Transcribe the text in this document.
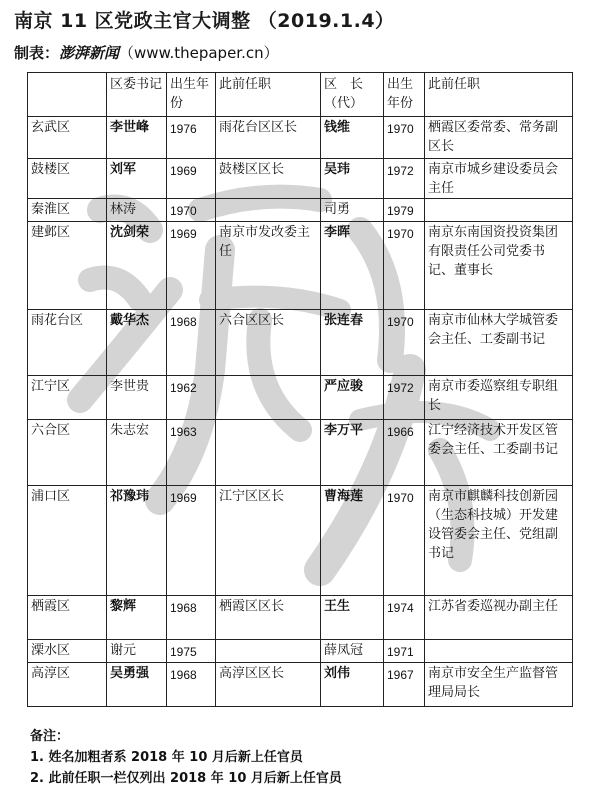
南京 11 区党政主官大调整 （2019.1.4）
制表：澎湃新闻（www.thepaper.cn）
	区委书记	出生年份	此前任职	区　长（代）	出生年份	此前任职
玄武区	李世峰	1976	雨花台区区长	钱维	1970	栖霞区委常委、常务副区长
鼓楼区	刘军	1969	鼓楼区区长	吴玮	1972	南京市城乡建设委员会主任
秦淮区	林涛	1970		司勇	1979	
建邺区	沈剑荣	1969	南京市发改委主任	李晖	1970	南京东南国资投资集团有限责任公司党委书记、董事长
雨花台区	戴华杰	1968	六合区区长	张连春	1970	南京市仙林大学城管委会主任、工委副书记
江宁区	李世贵	1962		严应骏	1972	南京市委巡察组专职组长
六合区	朱志宏	1963		李万平	1966	江宁经济技术开发区管委会主任、工委副书记
浦口区	祁豫玮	1969	江宁区区长	曹海莲	1970	南京市麒麟科技创新园（生态科技城）开发建设管委会主任、党组副书记
栖霞区	黎辉	1968	栖霞区区长	王生	1974	江苏省委巡视办副主任
溧水区	谢元	1975		薛凤冠	1971	
高淳区	吴勇强	1968	高淳区区长	刘伟	1967	南京市安全生产监督管理局局长
备注：
1. 姓名加粗者系 2018 年 10 月后新上任官员
2. 此前任职一栏仅列出 2018 年 10 月后新上任官员
